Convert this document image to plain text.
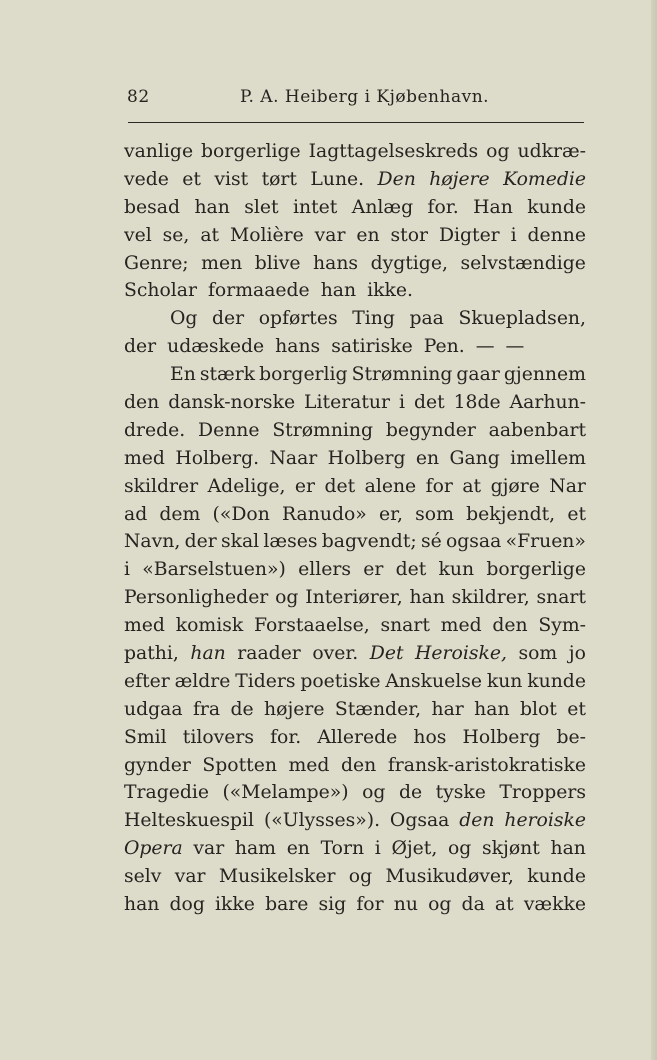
82	P. A. Heiberg i Kjøbenhavn.
vanlige borgerlige Iagttagelseskreds og udkræ-
vede et vist tørt Lune. Den højere Komedie
besad han slet intet Anlæg for. Han kunde
vel se, at Molière var en stor Digter i denne
Genre; men blive hans dygtige, selvstændige
Scholar formaaede han ikke.
Og der opførtes Ting paa Skuepladsen,
der udæskede hans satiriske Pen. — —
En stærk borgerlig Strømning gaar gjennem
den dansk-norske Literatur i det 18de Aarhun-
drede. Denne Strømning begynder aabenbart
med Holberg. Naar Holberg en Gang imellem
skildrer Adelige, er det alene for at gjøre Nar
ad dem («Don Ranudo» er, som bekjendt, et
Navn, der skal læses bagvendt; sé ogsaa «Fruen»
i «Barselstuen») ellers er det kun borgerlige
Personligheder og Interiører, han skildrer, snart
med komisk Forstaaelse, snart med den Sym-
pathi, han raader over. Det Heroiske, som jo
efter ældre Tiders poetiske Anskuelse kun kunde
udgaa fra de højere Stænder, har han blot et
Smil tilovers for. Allerede hos Holberg be-
gynder Spotten med den fransk-aristokratiske
Tragedie («Melampe») og de tyske Troppers
Helteskuespil («Ulysses»). Ogsaa den heroiske
Opera var ham en Torn i Øjet, og skjønt han
selv var Musikelsker og Musikudøver, kunde
han dog ikke bare sig for nu og da at vække
